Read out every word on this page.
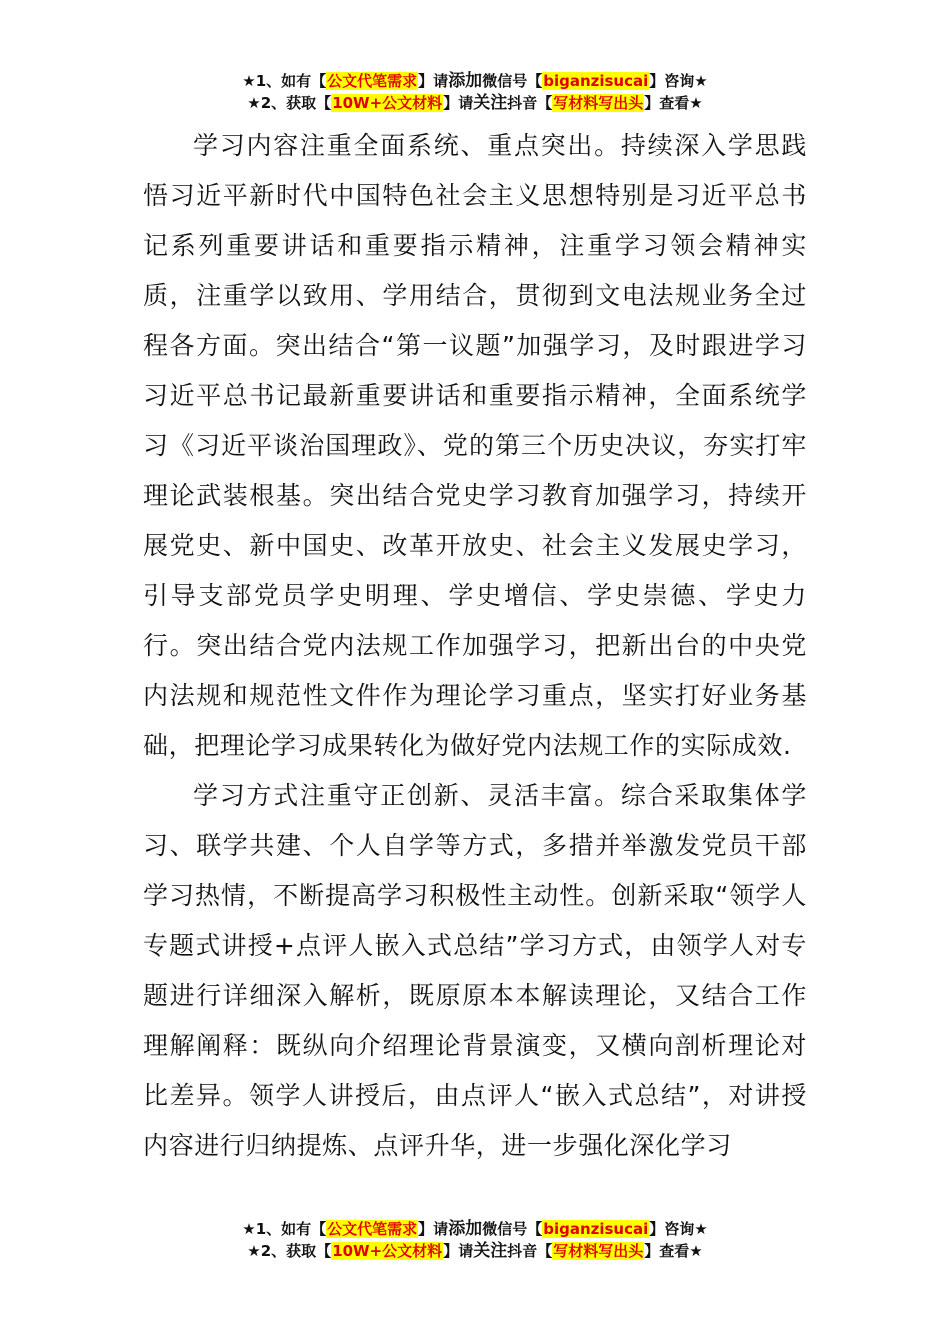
★1、如有【公文代笔需求】请添加微信号【biganzisucai】咨询★
★2、获取【10W+公文材料】请关注抖音【写材料写出头】查看★

学习内容注重全面系统、重点突出。持续深入学思践悟习近平新时代中国特色社会主义思想特别是习近平总书记系列重要讲话和重要指示精神，注重学习领会精神实质，注重学以致用、学用结合，贯彻到文电法规业务全过程各方面。突出结合“第一议题”加强学习，及时跟进学习习近平总书记最新重要讲话和重要指示精神，全面系统学习《习近平谈治国理政》、党的第三个历史决议，夯实打牢理论武装根基。突出结合党史学习教育加强学习，持续开展党史、新中国史、改革开放史、社会主义发展史学习，引导支部党员学史明理、学史增信、学史崇德、学史力行。突出结合党内法规工作加强学习，把新出台的中央党内法规和规范性文件作为理论学习重点，坚实打好业务基础，把理论学习成果转化为做好党内法规工作的实际成效.

学习方式注重守正创新、灵活丰富。综合采取集体学习、联学共建、个人自学等方式，多措并举激发党员干部学习热情，不断提高学习积极性主动性。创新采取“领学人专题式讲授+点评人嵌入式总结”学习方式，由领学人对专题进行详细深入解析，既原原本本解读理论，又结合工作理解阐释：既纵向介绍理论背景演变，又横向剖析理论对比差异。领学人讲授后，由点评人“嵌入式总结”，对讲授内容进行归纳提炼、点评升华，进一步强化深化学习

★1、如有【公文代笔需求】请添加微信号【biganzisucai】咨询★
★2、获取【10W+公文材料】请关注抖音【写材料写出头】查看★
